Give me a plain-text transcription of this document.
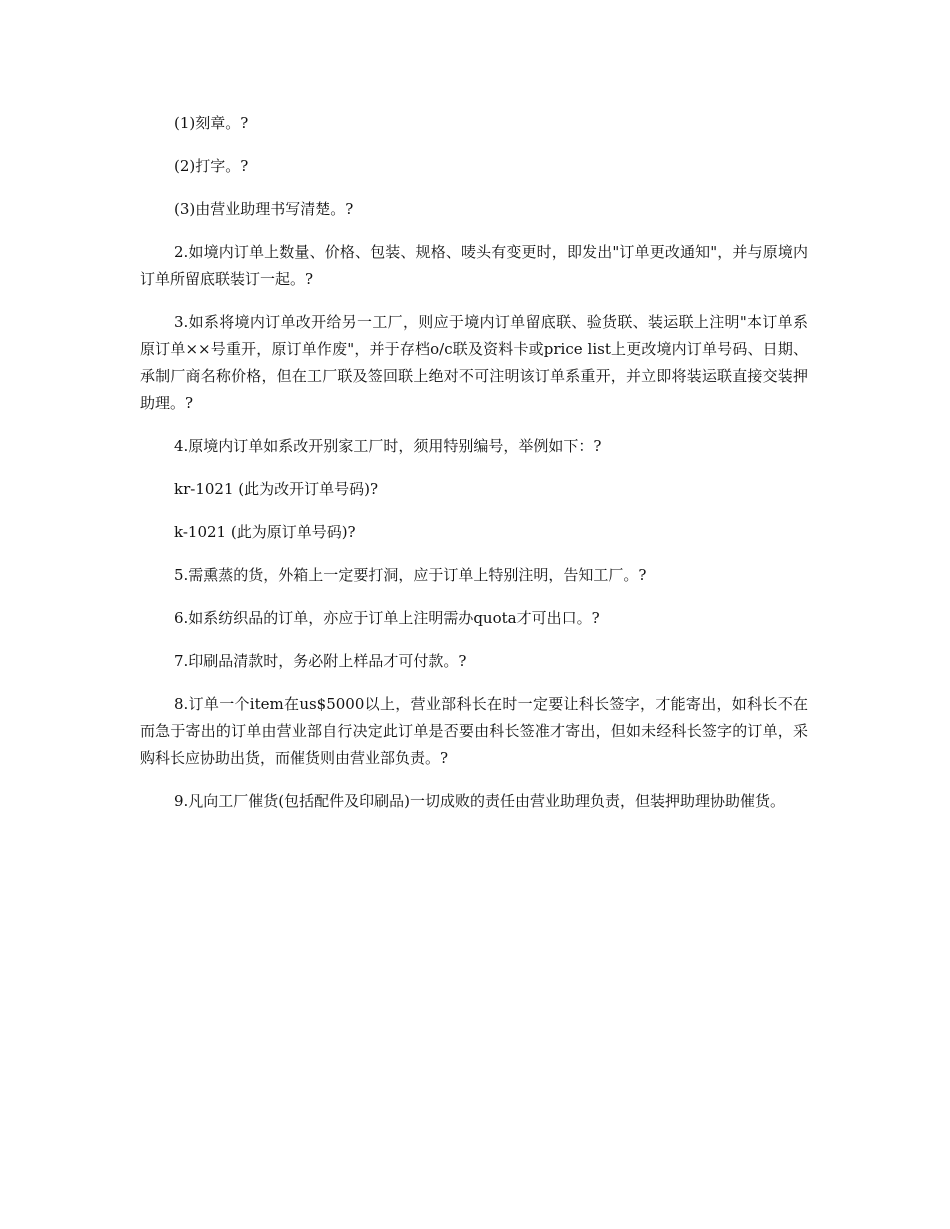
(1)刻章。?

(2)打字。?

(3)由营业助理书写清楚。?

2.如境内订单上数量、价格、包装、规格、唛头有变更时，即发出"订单更改通知"，并与原境内订单所留底联装订一起。?

3.如系将境内订单改开给另一工厂，则应于境内订单留底联、验货联、装运联上注明"本订单系原订单××号重开，原订单作废"，并于存档o/c联及资料卡或price list上更改境内订单号码、日期、承制厂商名称价格，但在工厂联及签回联上绝对不可注明该订单系重开，并立即将装运联直接交装押助理。?

4.原境内订单如系改开别家工厂时，须用特别编号，举例如下：?

kr-1021 (此为改开订单号码)?

k-1021 (此为原订单号码)?

5.需熏蒸的货，外箱上一定要打洞，应于订单上特别注明，告知工厂。?

6.如系纺织品的订单，亦应于订单上注明需办quota才可出口。?

7.印刷品清款时，务必附上样品才可付款。?

8.订单一个item在us$5000以上，营业部科长在时一定要让科长签字，才能寄出，如科长不在而急于寄出的订单由营业部自行决定此订单是否要由科长签准才寄出，但如未经科长签字的订单，采购科长应协助出货，而催货则由营业部负责。?

9.凡向工厂催货(包括配件及印刷品)一切成败的责任由营业助理负责，但装押助理协助催货。
